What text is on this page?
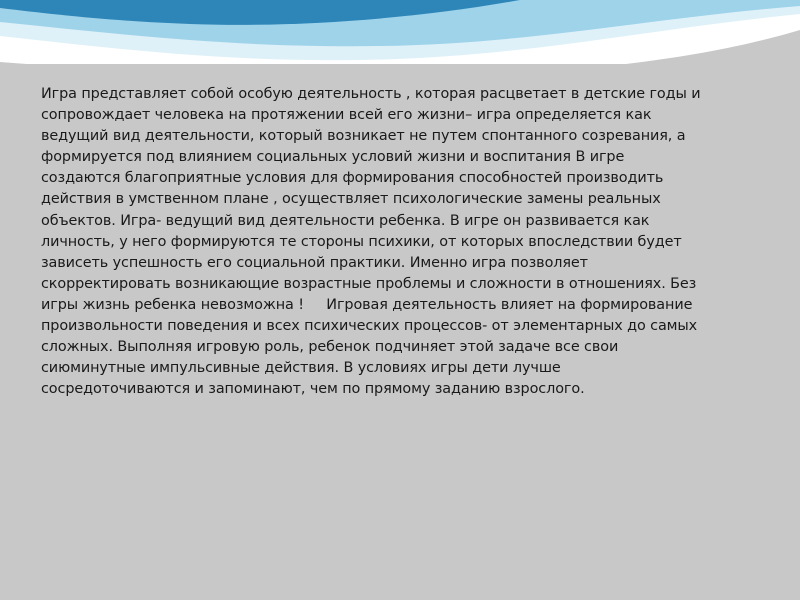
Игра представляет собой особую деятельность , которая расцветает в детские годы и
сопровождает человека на протяжении всей его жизни– игра определяется как
ведущий вид деятельности, который возникает не путем спонтанного созревания, а
формируется под влиянием социальных условий жизни и воспитания В игре
создаются благоприятные условия для формирования способностей производить
действия в умственном плане , осуществляет психологические замены реальных
объектов. Игра- ведущий вид деятельности ребенка. В игре он развивается как
личность, у него формируются те стороны психики, от которых впоследствии будет
зависеть успешность его социальной практики. Именно игра позволяет
скорректировать возникающие возрастные проблемы и сложности в отношениях. Без
игры жизнь ребенка невозможна !     Игровая деятельность влияет на формирование
произвольности поведения и всех психических процессов- от элементарных до самых
сложных. Выполняя игровую роль, ребенок подчиняет этой задаче все свои
сиюминутные импульсивные действия. В условиях игры дети лучше
сосредоточиваются и запоминают, чем по прямому заданию взрослого.
